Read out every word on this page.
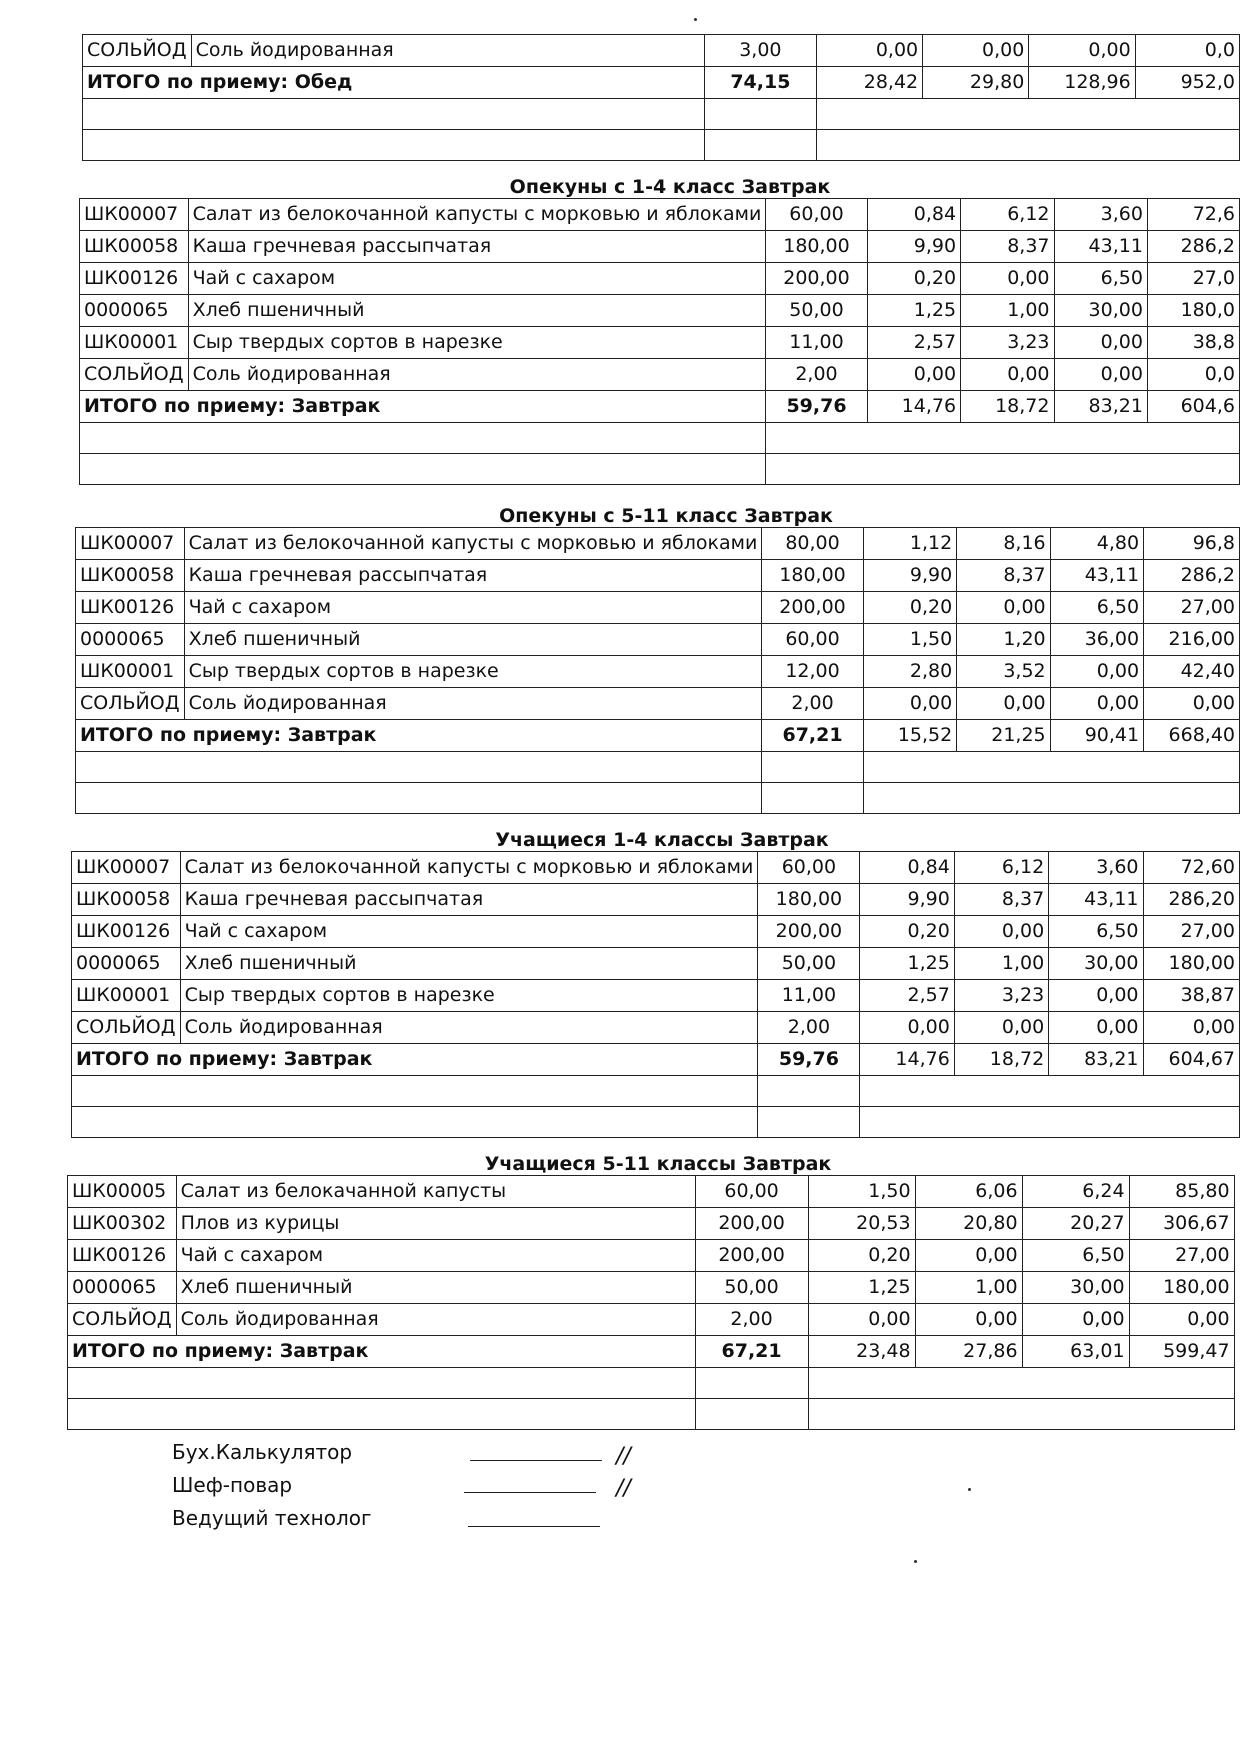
СОЛЬЙОД	Соль йодированная	3,00	0,00	0,00	0,00	0,0
ИТОГО по приему: Обед		74,15	28,42	29,80	128,96	952,0

Опекуны с 1-4 класс Завтрак
ШК00007	Салат из белокочанной капусты с морковью и яблоками	60,00	0,84	6,12	3,60	72,6
ШК00058	Каша гречневая рассыпчатая	180,00	9,90	8,37	43,11	286,2
ШК00126	Чай с сахаром	200,00	0,20	0,00	6,50	27,0
0000065	Хлеб пшеничный	50,00	1,25	1,00	30,00	180,0
ШК00001	Сыр твердых сортов в нарезке	11,00	2,57	3,23	0,00	38,8
СОЛЬЙОД	Соль йодированная	2,00	0,00	0,00	0,00	0,0
ИТОГО по приему: Завтрак		59,76	14,76	18,72	83,21	604,6

Опекуны с 5-11 класс Завтрак
ШК00007	Салат из белокочанной капусты с морковью и яблоками	80,00	1,12	8,16	4,80	96,8
ШК00058	Каша гречневая рассыпчатая	180,00	9,90	8,37	43,11	286,2
ШК00126	Чай с сахаром	200,00	0,20	0,00	6,50	27,00
0000065	Хлеб пшеничный	60,00	1,50	1,20	36,00	216,00
ШК00001	Сыр твердых сортов в нарезке	12,00	2,80	3,52	0,00	42,40
СОЛЬЙОД	Соль йодированная	2,00	0,00	0,00	0,00	0,00
ИТОГО по приему: Завтрак		67,21	15,52	21,25	90,41	668,40

Учащиеся 1-4 классы Завтрак
ШК00007	Салат из белокочанной капусты с морковью и яблоками	60,00	0,84	6,12	3,60	72,60
ШК00058	Каша гречневая рассыпчатая	180,00	9,90	8,37	43,11	286,20
ШК00126	Чай с сахаром	200,00	0,20	0,00	6,50	27,00
0000065	Хлеб пшеничный	50,00	1,25	1,00	30,00	180,00
ШК00001	Сыр твердых сортов в нарезке	11,00	2,57	3,23	0,00	38,87
СОЛЬЙОД	Соль йодированная	2,00	0,00	0,00	0,00	0,00
ИТОГО по приему: Завтрак		59,76	14,76	18,72	83,21	604,67

Учащиеся 5-11 классы Завтрак
ШК00005	Салат из белокачанной капусты	60,00	1,50	6,06	6,24	85,80
ШК00302	Плов из курицы	200,00	20,53	20,80	20,27	306,67
ШК00126	Чай с сахаром	200,00	0,20	0,00	6,50	27,00
0000065	Хлеб пшеничный	50,00	1,25	1,00	30,00	180,00
СОЛЬЙОД	Соль йодированная	2,00	0,00	0,00	0,00	0,00
ИТОГО по приему: Завтрак		67,21	23,48	27,86	63,01	599,47

Бух.Калькулятор	//
Шеф-повар	//
Ведущий технолог
